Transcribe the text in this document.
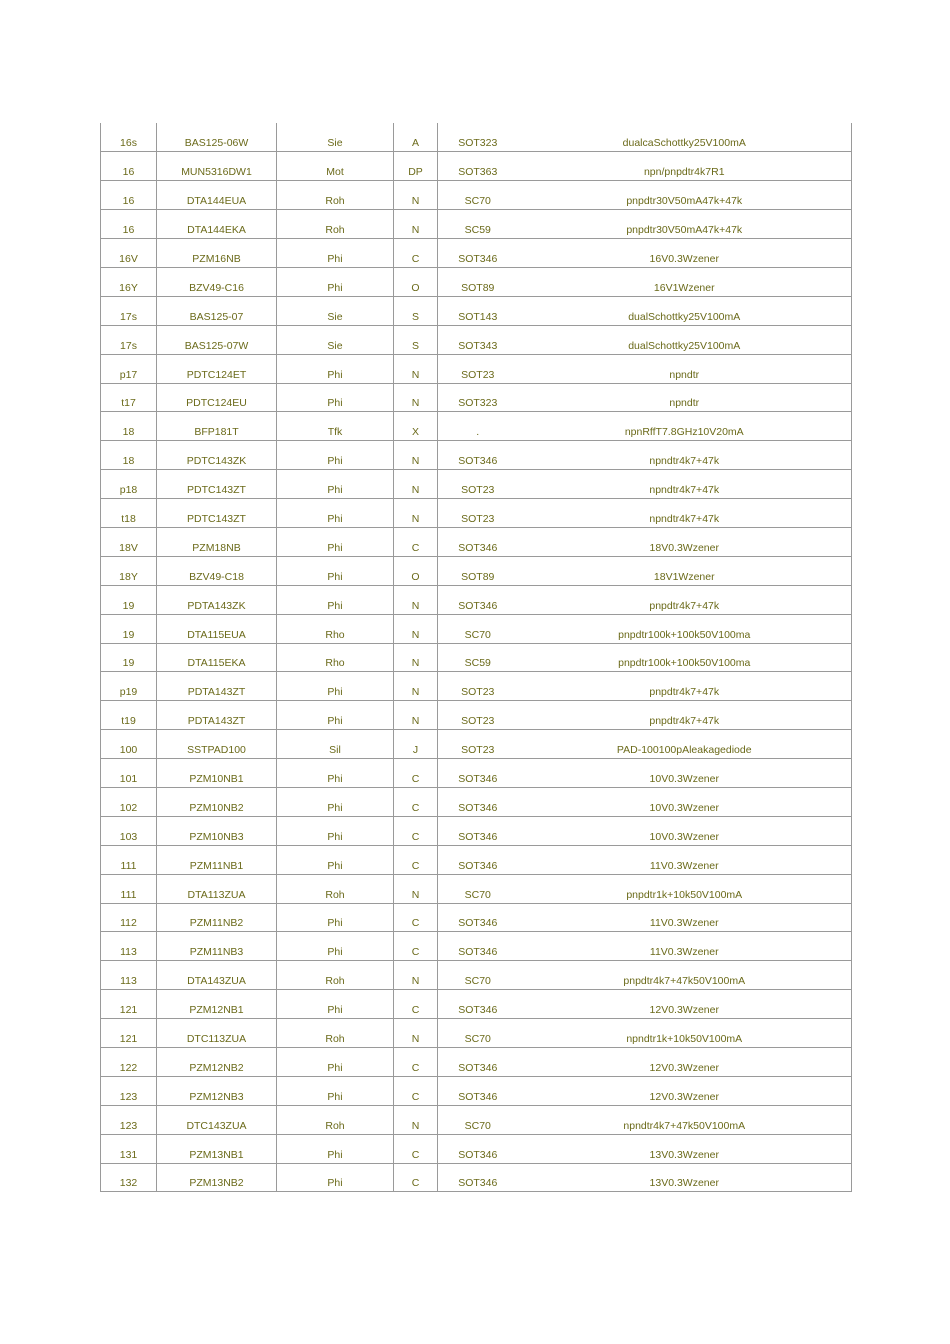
16s	BAS125-06W	Sie	A	SOT323	dualcaSchottky25V100mA
16	MUN5316DW1	Mot	DP	SOT363	npn/pnpdtr4k7R1
16	DTA144EUA	Roh	N	SC70	pnpdtr30V50mA47k+47k
16	DTA144EKA	Roh	N	SC59	pnpdtr30V50mA47k+47k
16V	PZM16NB	Phi	C	SOT346	16V0.3Wzener
16Y	BZV49-C16	Phi	O	SOT89	16V1Wzener
17s	BAS125-07	Sie	S	SOT143	dualSchottky25V100mA
17s	BAS125-07W	Sie	S	SOT343	dualSchottky25V100mA
p17	PDTC124ET	Phi	N	SOT23	npndtr
t17	PDTC124EU	Phi	N	SOT323	npndtr
18	BFP181T	Tfk	X	.	npnRffT7.8GHz10V20mA
18	PDTC143ZK	Phi	N	SOT346	npndtr4k7+47k
p18	PDTC143ZT	Phi	N	SOT23	npndtr4k7+47k
t18	PDTC143ZT	Phi	N	SOT23	npndtr4k7+47k
18V	PZM18NB	Phi	C	SOT346	18V0.3Wzener
18Y	BZV49-C18	Phi	O	SOT89	18V1Wzener
19	PDTA143ZK	Phi	N	SOT346	pnpdtr4k7+47k
19	DTA115EUA	Rho	N	SC70	pnpdtr100k+100k50V100ma
19	DTA115EKA	Rho	N	SC59	pnpdtr100k+100k50V100ma
p19	PDTA143ZT	Phi	N	SOT23	pnpdtr4k7+47k
t19	PDTA143ZT	Phi	N	SOT23	pnpdtr4k7+47k
100	SSTPAD100	Sil	J	SOT23	PAD-100100pAleakagediode
101	PZM10NB1	Phi	C	SOT346	10V0.3Wzener
102	PZM10NB2	Phi	C	SOT346	10V0.3Wzener
103	PZM10NB3	Phi	C	SOT346	10V0.3Wzener
111	PZM11NB1	Phi	C	SOT346	11V0.3Wzener
111	DTA113ZUA	Roh	N	SC70	pnpdtr1k+10k50V100mA
112	PZM11NB2	Phi	C	SOT346	11V0.3Wzener
113	PZM11NB3	Phi	C	SOT346	11V0.3Wzener
113	DTA143ZUA	Roh	N	SC70	pnpdtr4k7+47k50V100mA
121	PZM12NB1	Phi	C	SOT346	12V0.3Wzener
121	DTC113ZUA	Roh	N	SC70	npndtr1k+10k50V100mA
122	PZM12NB2	Phi	C	SOT346	12V0.3Wzener
123	PZM12NB3	Phi	C	SOT346	12V0.3Wzener
123	DTC143ZUA	Roh	N	SC70	npndtr4k7+47k50V100mA
131	PZM13NB1	Phi	C	SOT346	13V0.3Wzener
132	PZM13NB2	Phi	C	SOT346	13V0.3Wzener
